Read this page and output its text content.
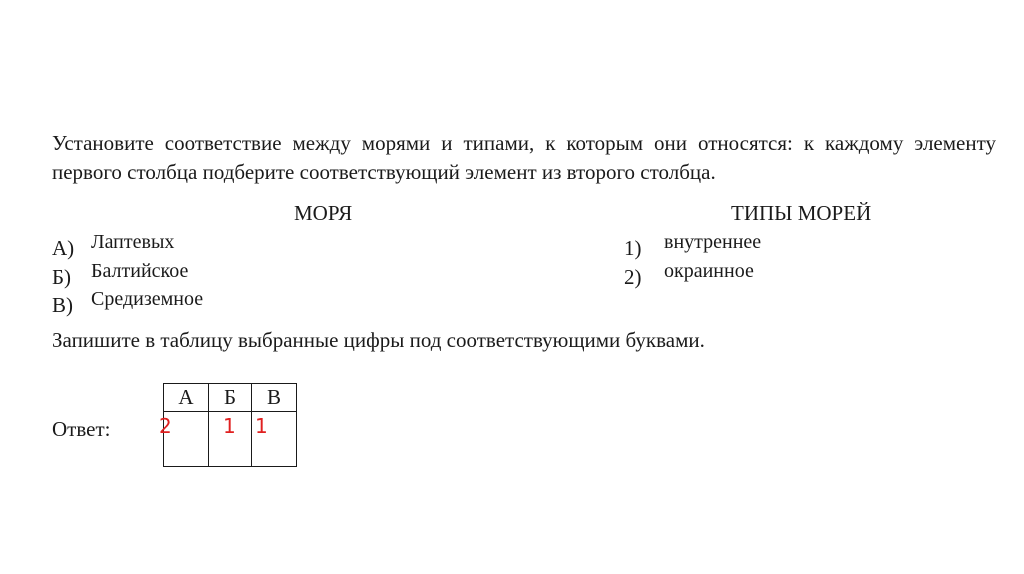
Установите соответствие между морями и типами, к которым они относятся: к каждому элементу первого столбца подберите соответствующий элемент из второго столбца.

МОРЯ	ТИПЫ МОРЕЙ

А) Лаптевых
Б) Балтийское
В) Средиземное
1) внутреннее
2) окраинное

Запишите в таблицу выбранные цифры под соответствующими буквами.

Ответ:

А	Б	В

2	1	1
